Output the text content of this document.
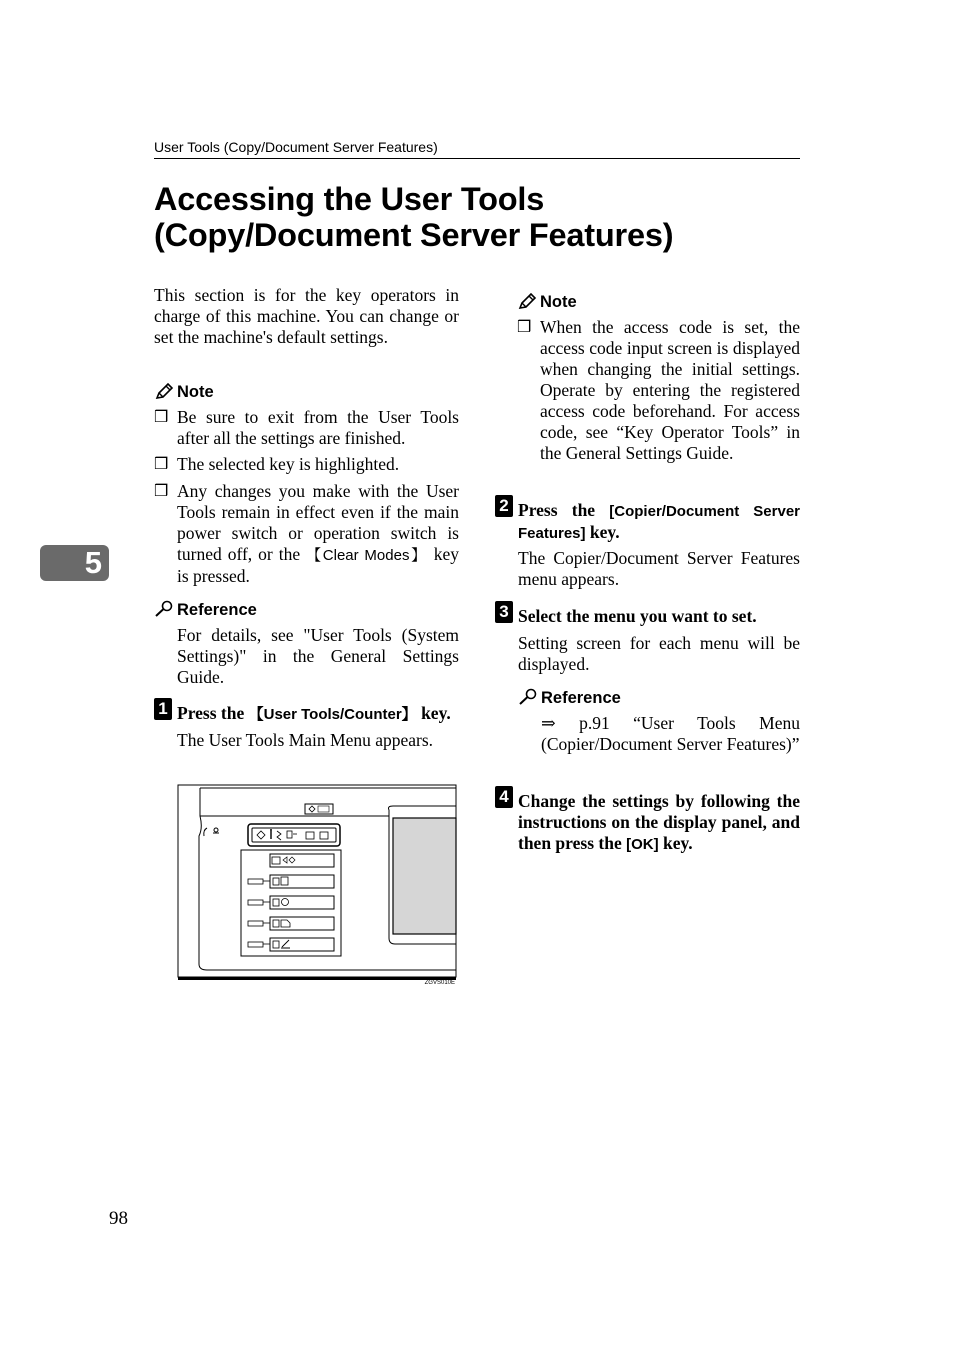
User Tools (Copy/Document Server Features)
Accessing the User Tools
(Copy/Document Server Features)
This section is for the key operators in charge of this machine. You can change or set the machine's default settings.
Note
❒ Be sure to exit from the User Tools after all the settings are finished.
❒ The selected key is highlighted.
❒ Any changes you make with the User Tools remain in effect even if the main power switch or operation switch is turned off, or the 【Clear Modes】 key is pressed.
Reference
For details, see "User Tools (System Settings)" in the General Settings Guide.
1 Press the 【User Tools/Counter】 key.
The User Tools Main Menu appears.
ZGVS010E
Note
❒ When the access code is set, the access code input screen is displayed when changing the initial settings. Operate by entering the registered access code beforehand. For access code, see “Key Operator Tools” in the General Settings Guide.
2 Press the [Copier/Document Server Features] key.
The Copier/Document Server Features menu appears.
3 Select the menu you want to set.
Setting screen for each menu will be displayed.
Reference
⇒ p.91 “User Tools Menu (Copier/Document Server Features)”
4 Change the settings by following the instructions on the display panel, and then press the [OK] key.
5
98
